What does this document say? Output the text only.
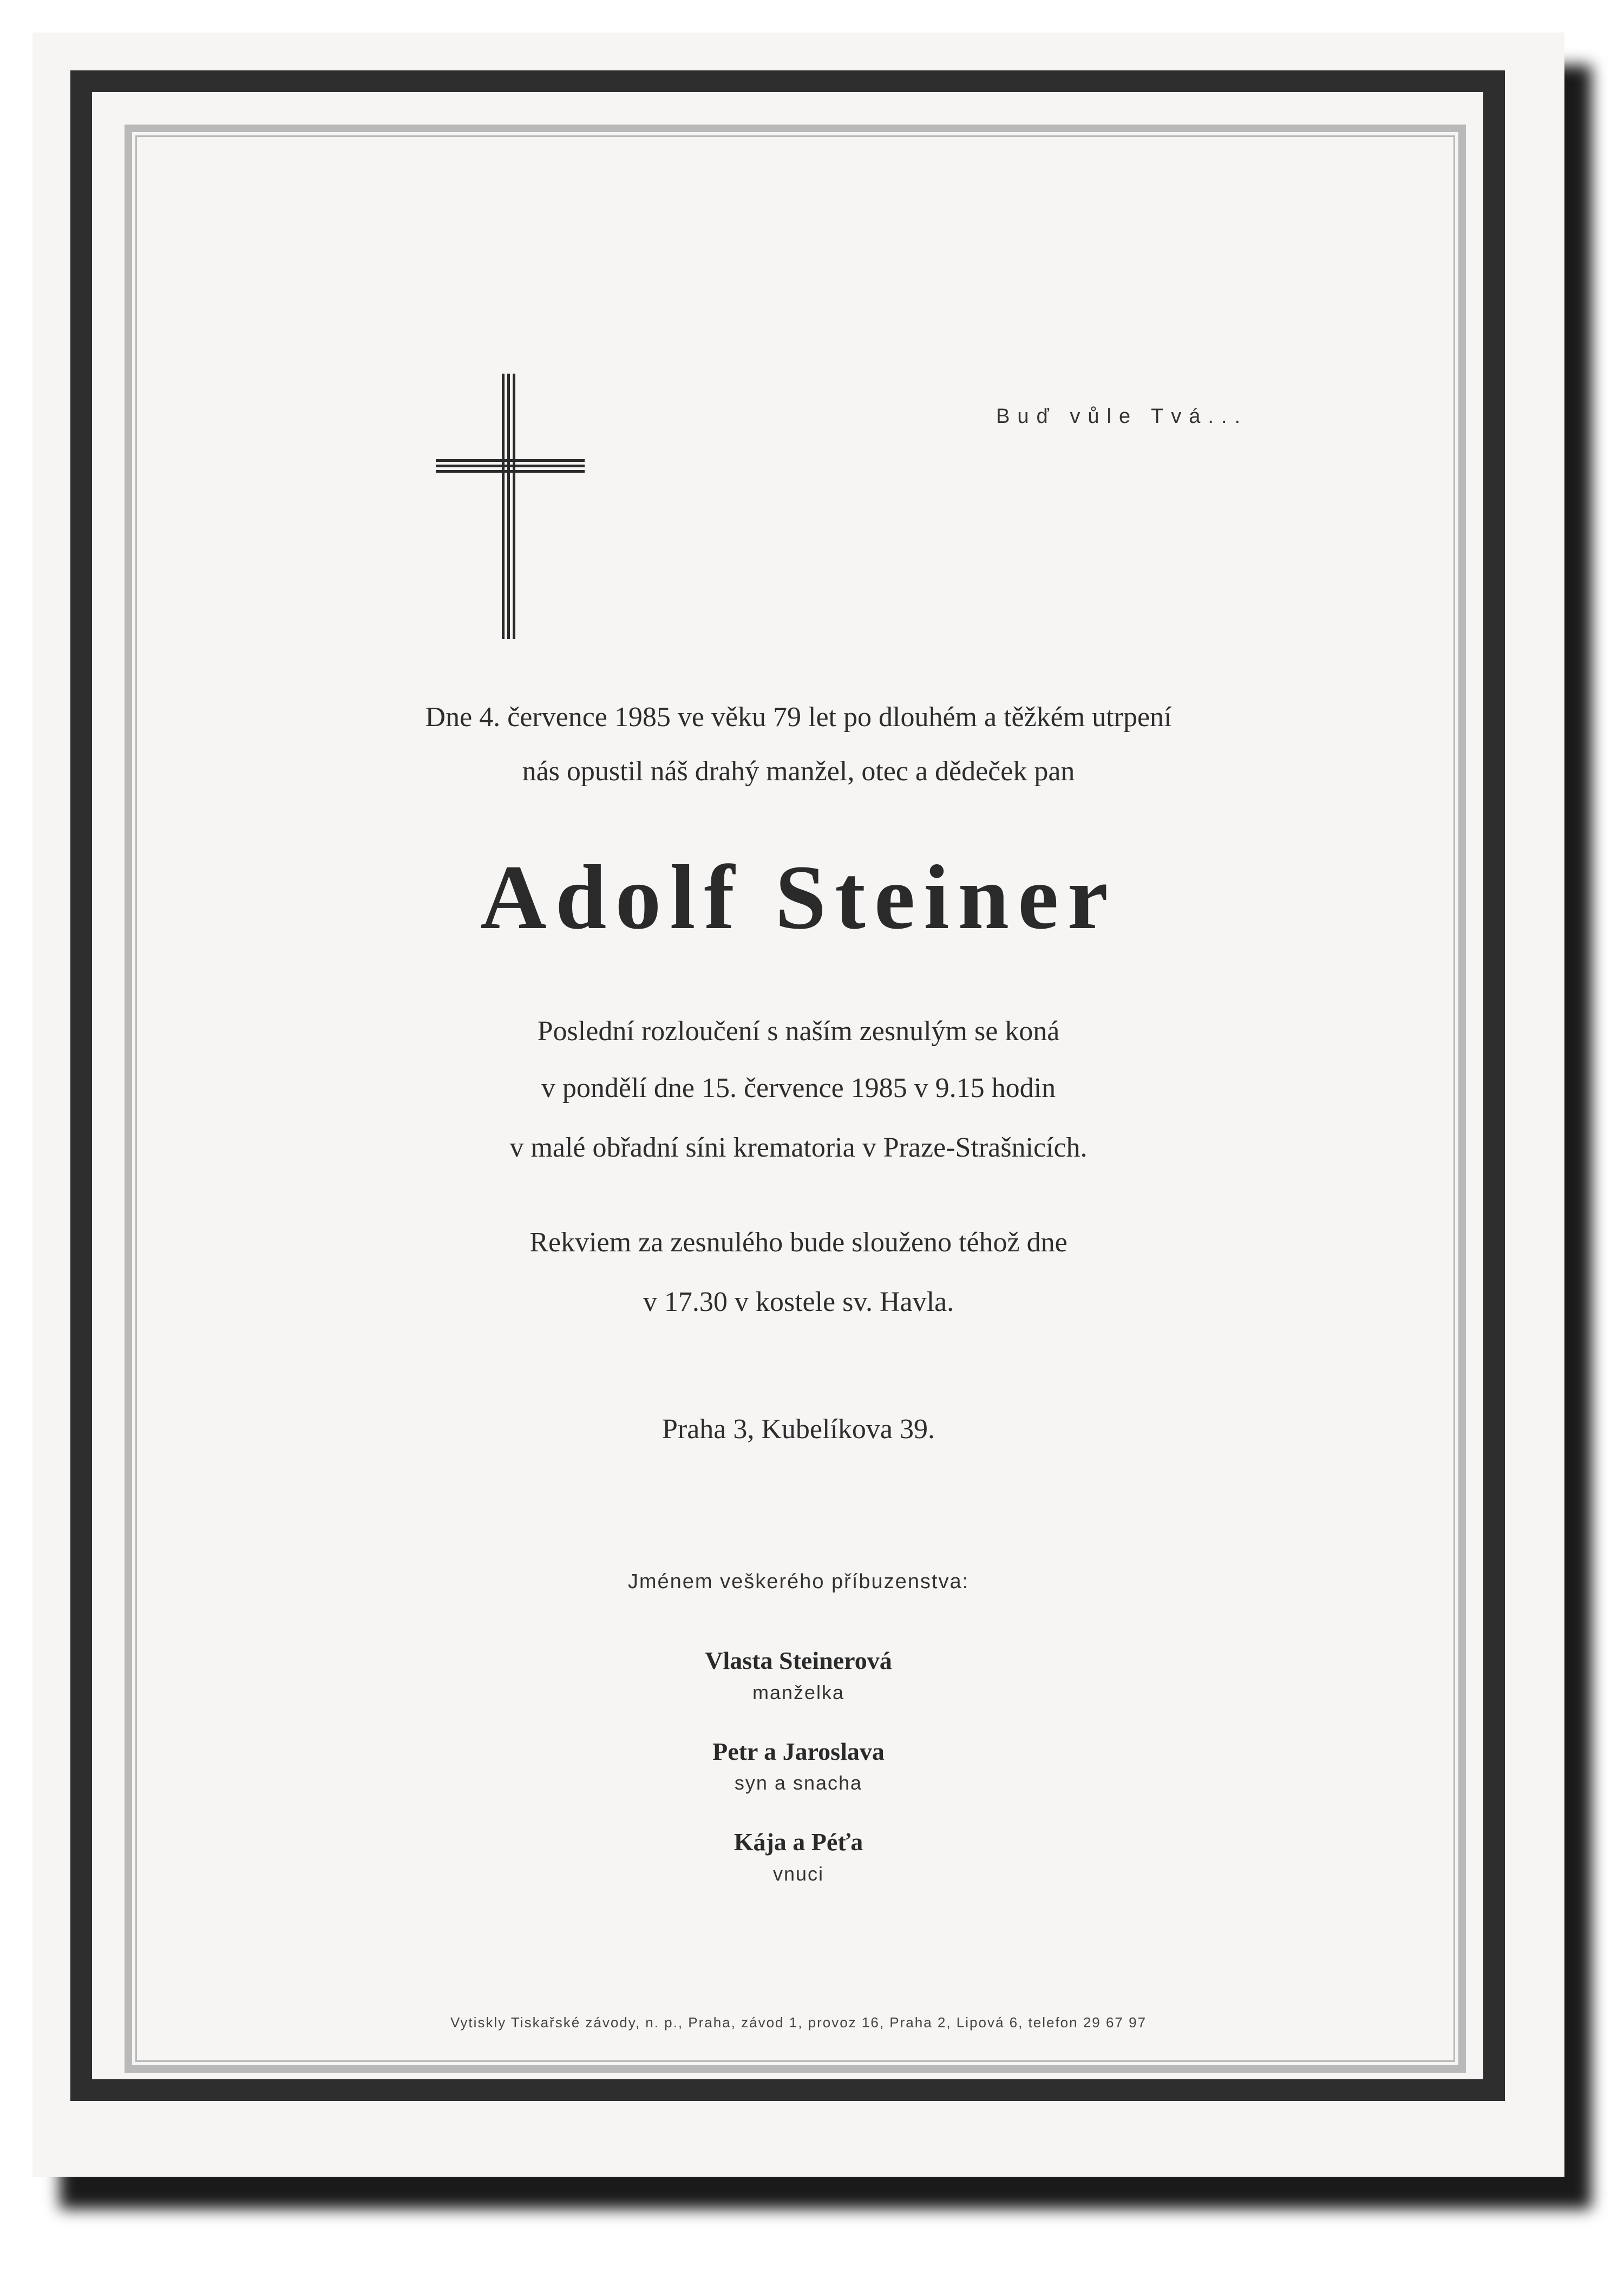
Buď vůle Tvá...
Dne 4. července 1985 ve věku 79 let po dlouhém a těžkém utrpení
nás opustil náš drahý manžel, otec a dědeček pan
Adolf Steiner
Poslední rozloučení s naším zesnulým se koná
v pondělí dne 15. července 1985 v 9.15 hodin
v malé obřadní síni krematoria v Praze-Strašnicích.
Rekviem za zesnulého bude slouženo téhož dne
v 17.30 v kostele sv. Havla.
Praha 3, Kubelíkova 39.
Jménem veškerého příbuzenstva:
Vlasta Steinerová
manželka
Petr a Jaroslava
syn a snacha
Kája a Péťa
vnuci
Vytiskly Tiskařské závody, n. p., Praha, závod 1, provoz 16, Praha 2, Lipová 6, telefon 29 67 97
